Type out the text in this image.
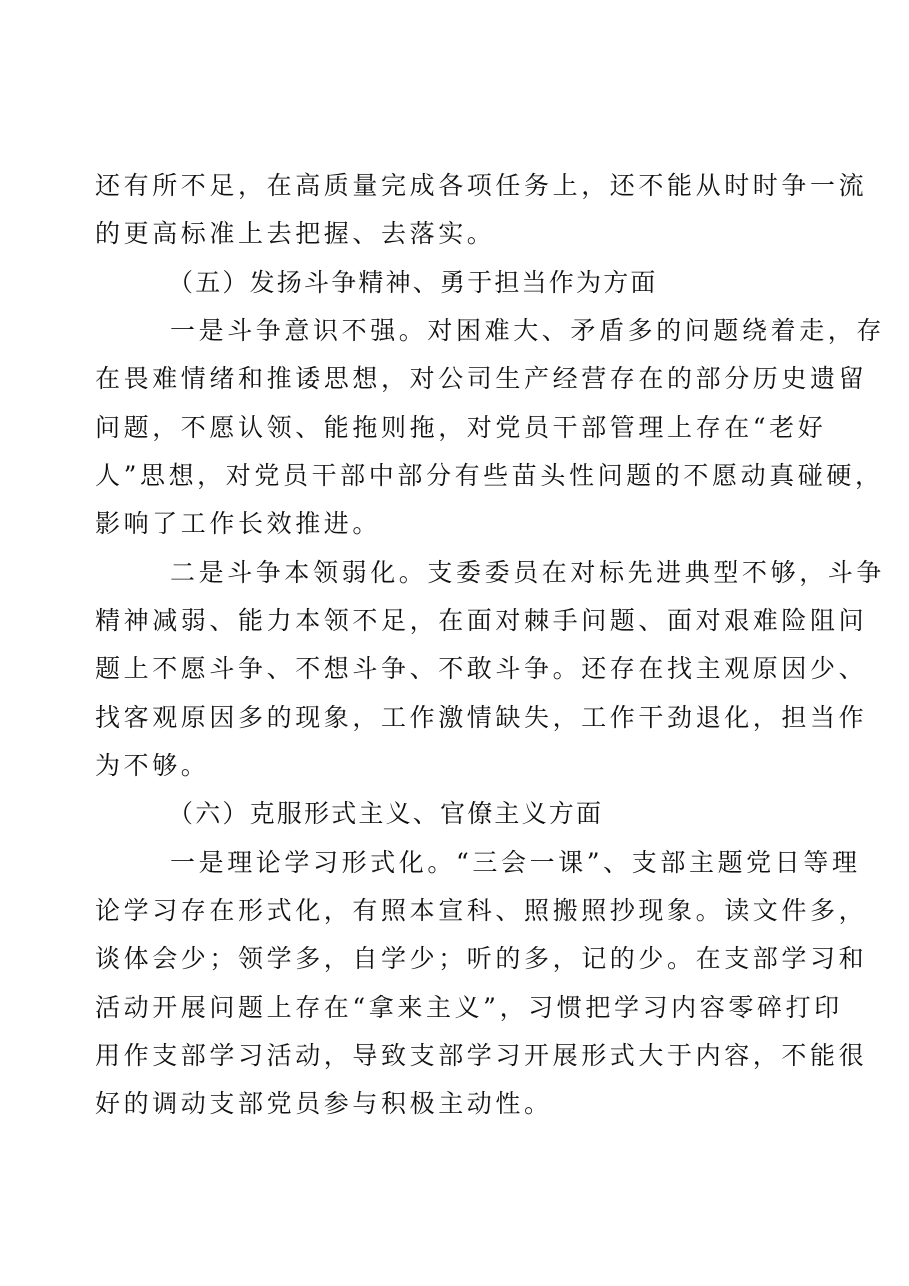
还有所不足，在高质量完成各项任务上，还不能从时时争一流
的更高标准上去把握、去落实。
（五）发扬斗争精神、勇于担当作为方面
一是斗争意识不强。对困难大、矛盾多的问题绕着走，存
在畏难情绪和推诿思想，对公司生产经营存在的部分历史遗留
问题，不愿认领、能拖则拖，对党员干部管理上存在“老好
人”思想，对党员干部中部分有些苗头性问题的不愿动真碰硬，
影响了工作长效推进。
二是斗争本领弱化。支委委员在对标先进典型不够，斗争
精神减弱、能力本领不足，在面对棘手问题、面对艰难险阻问
题上不愿斗争、不想斗争、不敢斗争。还存在找主观原因少、
找客观原因多的现象，工作激情缺失，工作干劲退化，担当作
为不够。
（六）克服形式主义、官僚主义方面
一是理论学习形式化。“三会一课”、支部主题党日等理
论学习存在形式化，有照本宣科、照搬照抄现象。读文件多，
谈体会少；领学多，自学少；听的多，记的少。在支部学习和
活动开展问题上存在“拿来主义”，习惯把学习内容零碎打印
用作支部学习活动，导致支部学习开展形式大于内容，不能很
好的调动支部党员参与积极主动性。
